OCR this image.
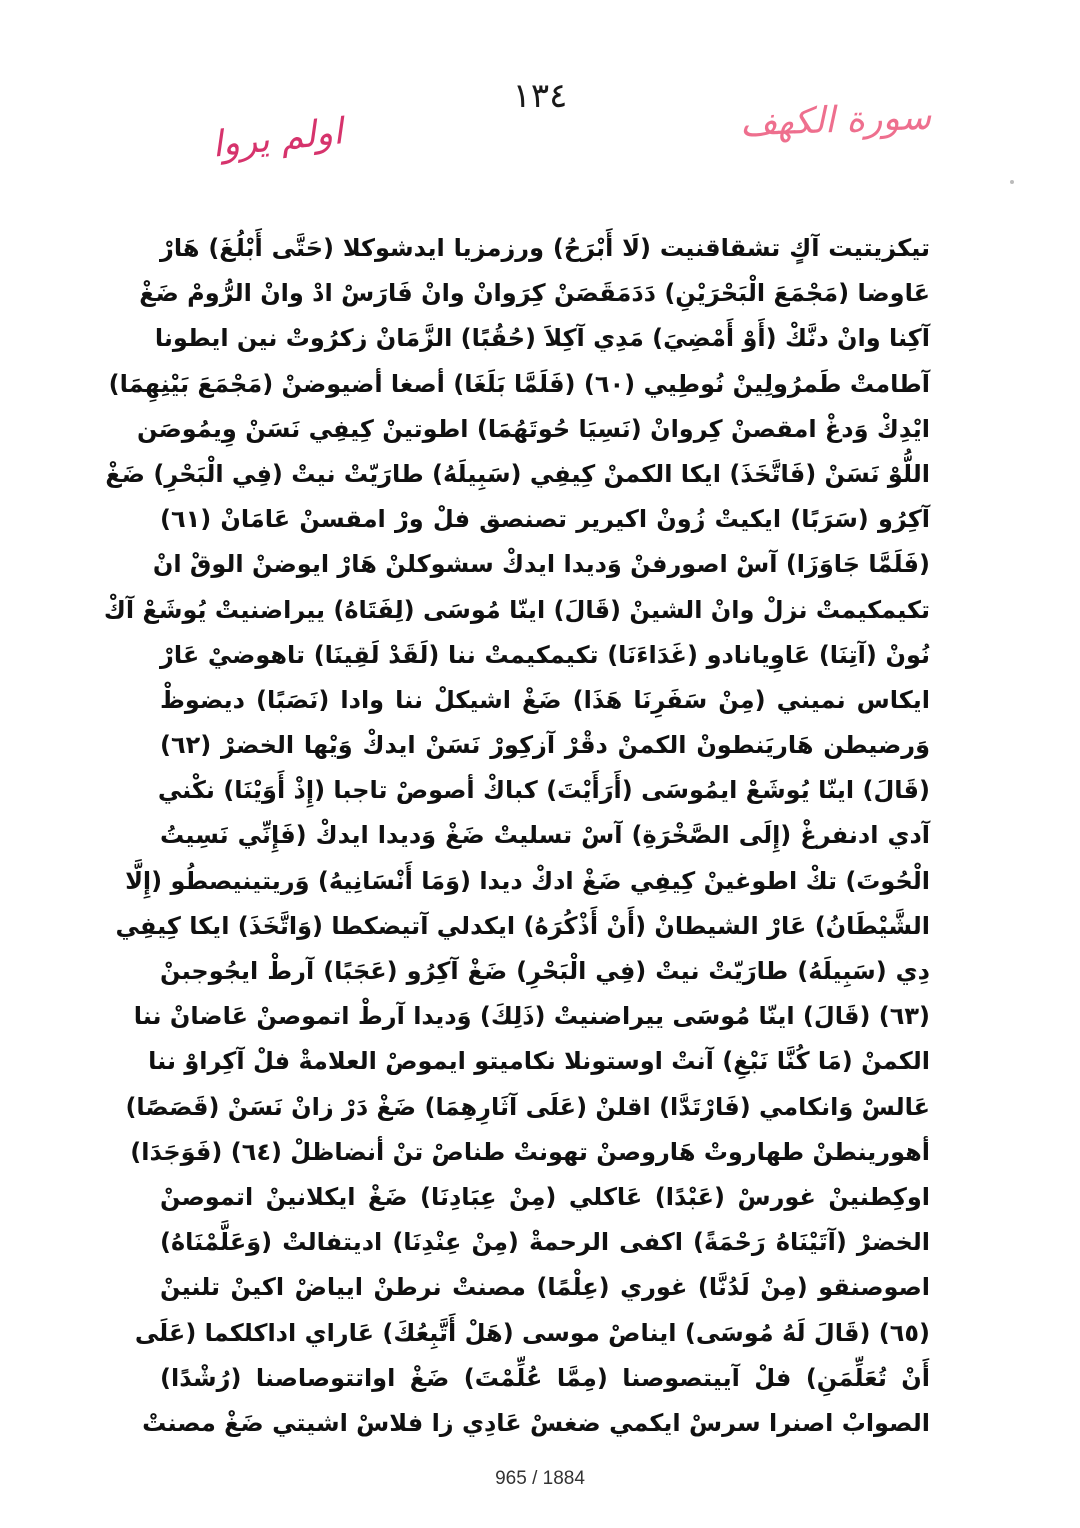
١٣٤
سورة الكهف
اولم يروا
تيكزيتيت آكٍ تشقاقنيت (لَا أَبْرَحُ) ورزمزيا ايدشوكلا (حَتَّى أَبْلُغَ) هَارْ
عَاوضا (مَجْمَعَ الْبَحْرَيْنِ) دَدَمَقَصَنْ كِرَوانْ وانْ فَارَسْ ادْ وانْ الرُّومْ ضَغْ
آكِنا وانْ دنَّكْ (أَوْ أَمْضِيَ) مَدِي آكِلاَ (حُقُبًا) الزَّمَانْ زكرُوتْ نين ايطونا
آطامتْ طَمرُولِينْ نُوطِيي (٦٠) (فَلَمَّا بَلَغَا) أصغا أضيوضنْ (مَجْمَعَ بَيْنِهِمَا)
ايْدِكْ وَدغْ امقصنْ كِروانْ (نَسِيَا حُوتَهُمَا) اطوتينْ كِيفِي نَسَنْ وِيمُوصَن
اللُّوْ نَسَنْ (فَاتَّخَذَ) ايكا الكمنْ كِيفِي (سَبِيلَهُ) طارَيّتْ نيتْ (فِي الْبَحْرِ) ضَغْ
آكِرُو (سَرَبًا) ايكيتْ زُونْ اكيرير تصنصق فلْ ورْ امقسنْ عَامَانْ (٦١)
(فَلَمَّا جَاوَزَا) آسْ اصورفنْ وَديدا ايدكْ سشوكلنْ هَارْ ايوضنْ الوقْ انْ
تكيمكيمتْ نزلْ وانْ الشينْ (قَالَ) اينّا مُوسَى (لِفَتَاهُ) ييراضنيتْ يُوشَعْ آكْ
نُونْ (آتِنَا) عَاوِيانادو (غَدَاءَنَا) تكيمكيمتْ ننا (لَقَدْ لَقِينَا) تاهوضيْ عَارْ
ايكاس نميني (مِنْ سَفَرِنَا هَذَا) ضَغْ اشيكلْ ننا وادا (نَصَبًا) ديضوظْ
وَرضيطن هَاريَنطونْ الكمنْ دقْرْ آزكِورْ نَسَنْ ايدكْ وَيْها الخضرْ (٦٢)
(قَالَ) اينّا يُوشَعْ ايمُوسَى (أَرَأَيْتَ) كباكْ أصوصْ تاجبا (إِذْ أَوَيْنَا) نكْني
آدي ادنفرغْ (إِلَى الصَّخْرَةِ) آسْ تسليتْ ضَغْ وَديدا ايدكْ (فَإِنِّي نَسِيتُ
الْحُوتَ) تكْ اطوغينْ كِيفِي ضَغْ ادكْ ديدا (وَمَا أَنْسَانِيهُ) وَريتينيصطُو (إِلَّا
الشَّيْطَانُ) عَارْ الشيطانْ (أَنْ أَذْكُرَهُ) ايكدلي آتيضكطا (وَاتَّخَذَ) ايكا كِيفِي
دِي (سَبِيلَهُ) طارَيّتْ نيتْ (فِي الْبَحْرِ) ضَغْ آكِرُو (عَجَبًا) آرطْ ايجُوجبنْ
(٦٣) (قَالَ) اينّا مُوسَى ييراضنيتْ (ذَلِكَ) وَديدا آرطْ اتموصنْ عَاضانْ ننا
الكمنْ (مَا كُنَّا نَبْغِ) آنتْ اوستونلا نكاميتو ايموصْ العلامةْ فلْ آكِراوْ ننا
عَالسْ وَانكامي (فَارْتَدَّا) اقلنْ (عَلَى آثَارِهِمَا) ضَغْ دَرْ زانْ نَسَنْ (قَصَصًا)
أهورينطنْ طهاروتْ هَاروصنْ تهونتْ طناصْ تنْ أنضاظلْ (٦٤) (فَوَجَدَا)
اوكِطنينْ غورسْ (عَبْدًا) عَاكلي (مِنْ عِبَادِنَا) ضَغْ ايكلانينْ اتموصنْ
الخضرْ (آتَيْنَاهُ رَحْمَةً) اكفى الرحمةْ (مِنْ عِنْدِنَا) اديتفالتْ (وَعَلَّمْنَاهُ)
اصوصنقو (مِنْ لَدُنَّا) غوري (عِلْمًا) مصنتْ نرطنْ ايياضْ اكينْ تلنينْ
(٦٥) (قَالَ لَهُ مُوسَى) ايناصْ موسى (هَلْ أَتَّبِعُكَ) عَاراي اداكلكما (عَلَى
أَنْ تُعَلِّمَنِ) فلْ آييتصوصنا (مِمَّا عُلِّمْتَ) ضَغْ اواتتوصاصنا (رُشْدًا)
الصوابْ اصنرا سرسْ ايكمي ضغسْ عَادِي زا فلاسْ اشيتي ضَغْ مصنتْ
965 / 1884
